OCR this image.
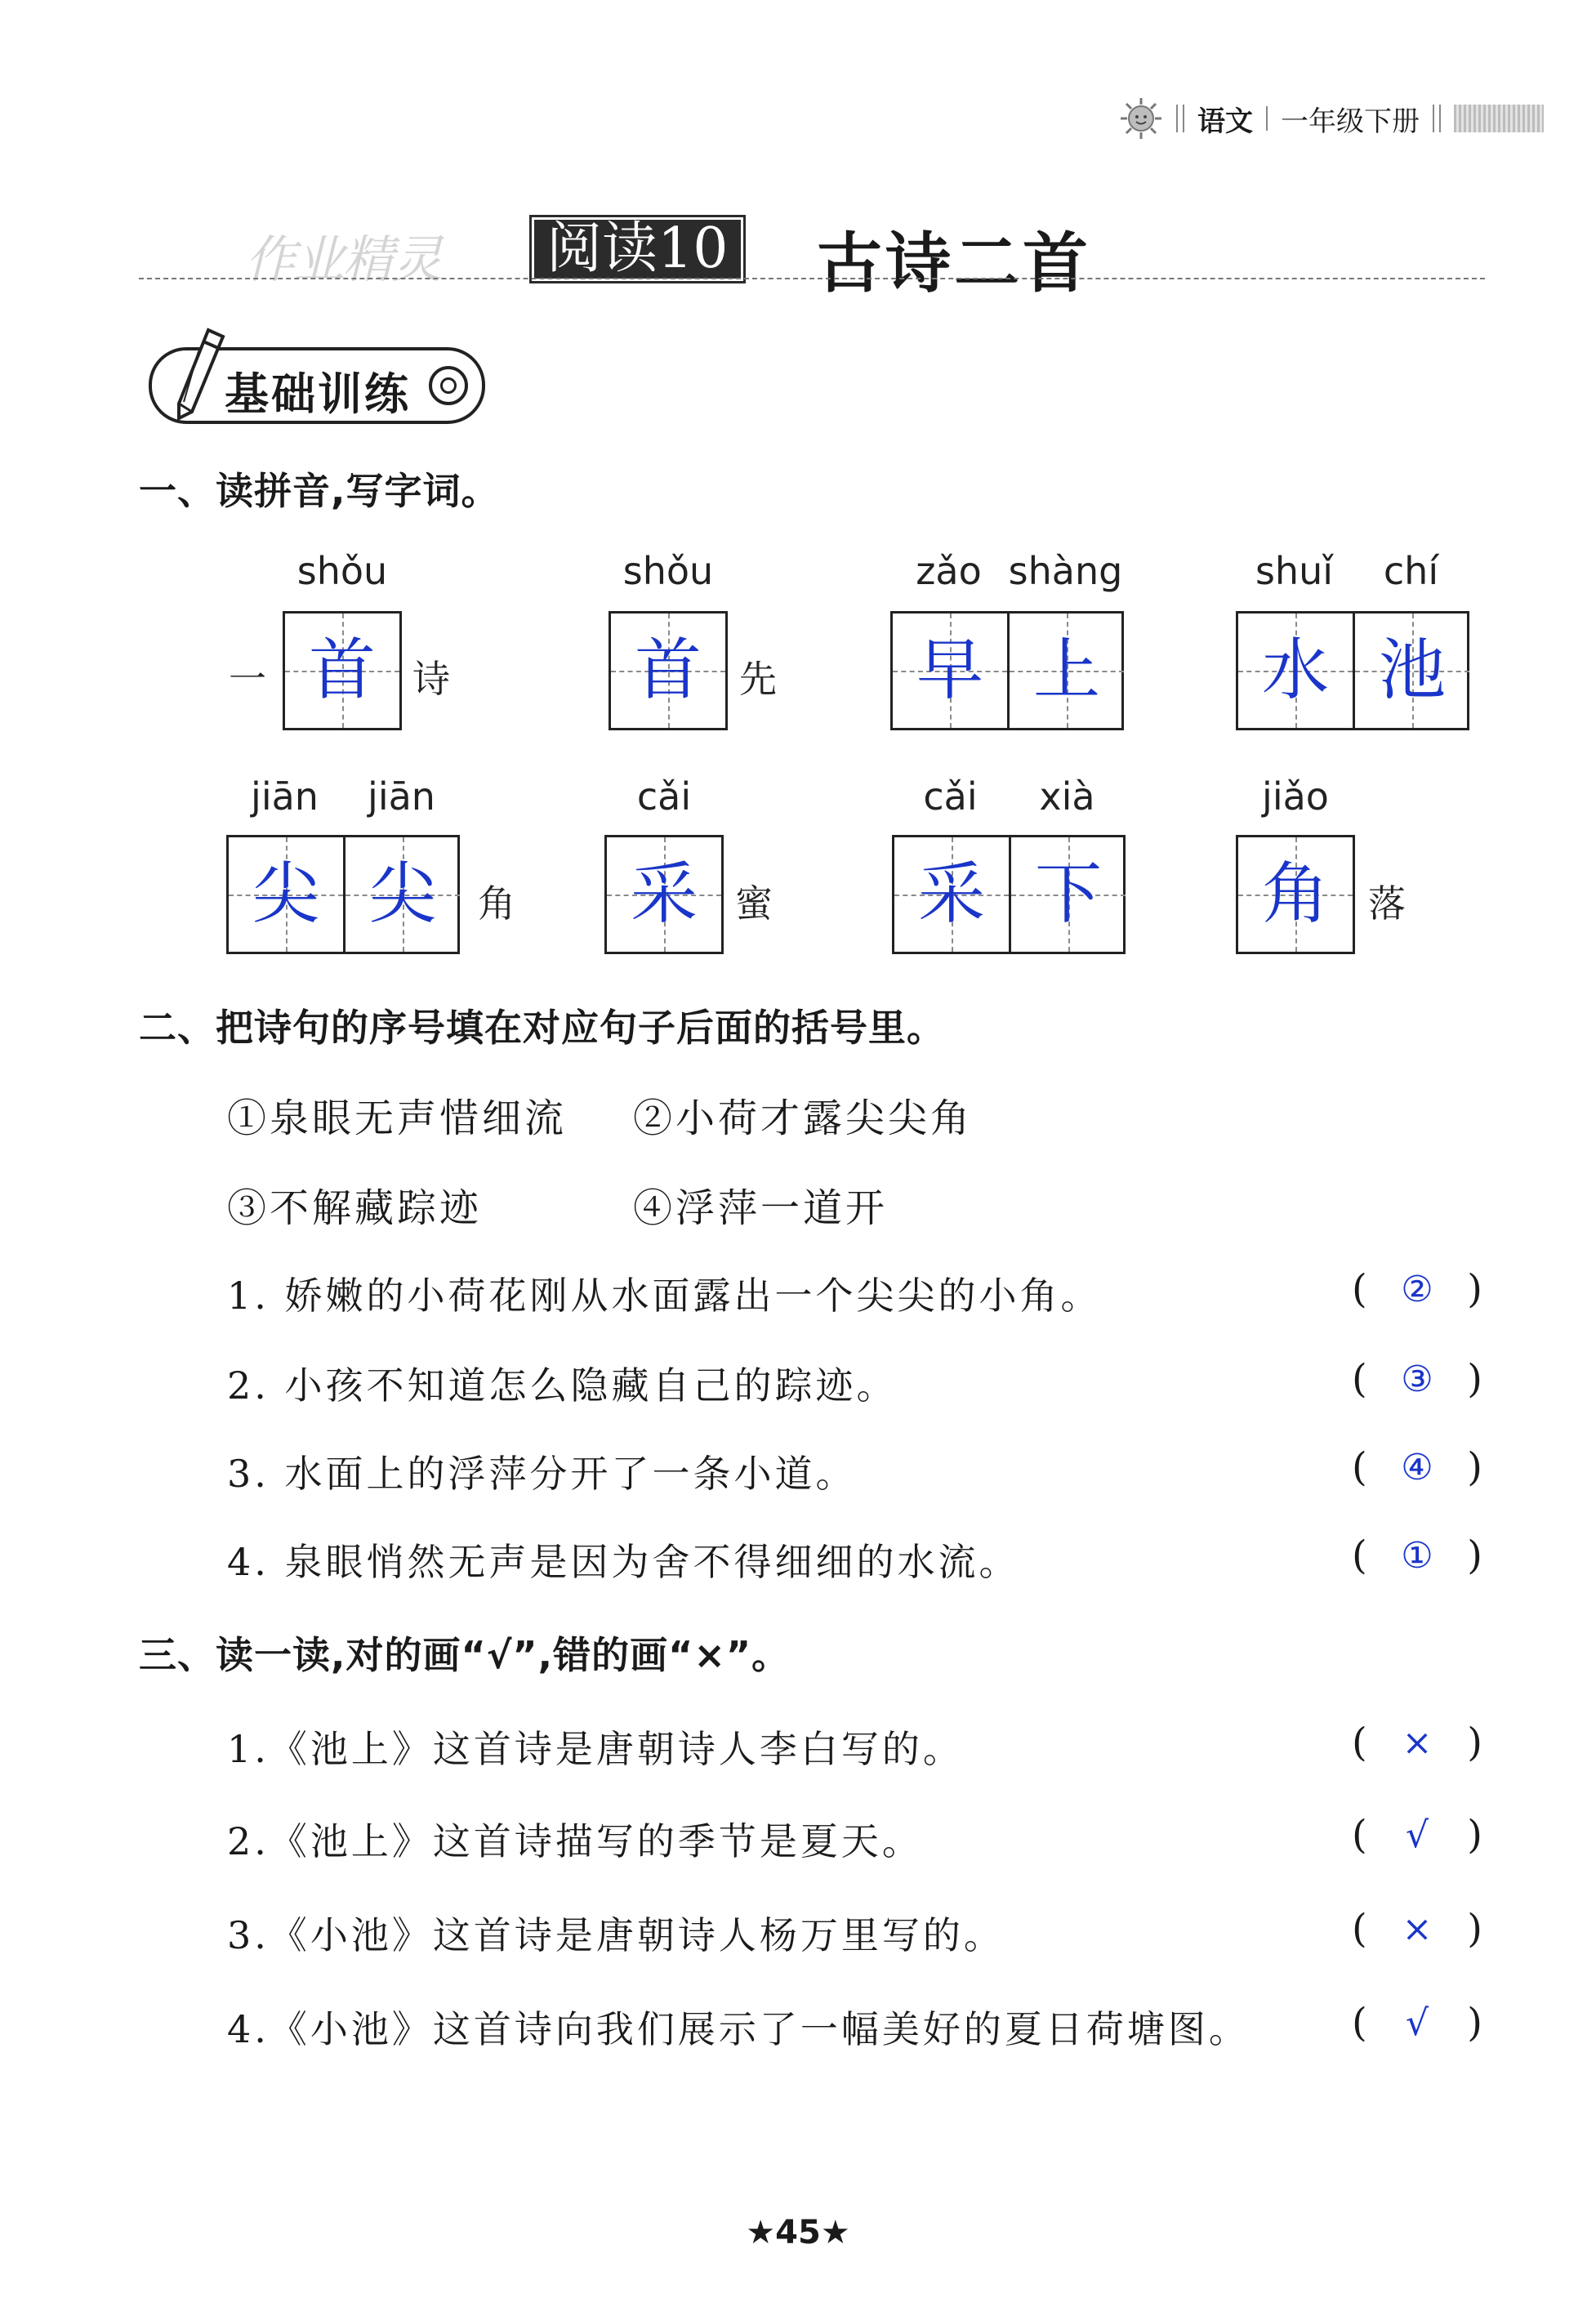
语文 一年级下册
作业精灵	阅读10 古诗二首
基础训练
一、读拼音,写字词。
一
shǒu
首 诗
shǒu
首	先
zǎo shàng
早 上
shuǐ	chí
水 池
jiān	jiān
尖 尖	角
cǎi
采	蜜
cǎi	xià
采 下
jiǎo
角	落
二、把诗句的序号填在对应句子后面的括号里。
①泉眼无声惜细流 ②小荷才露尖尖角
③不解藏踪迹	④浮萍一道开
1. 娇嫩的小荷花刚从水面露出一个尖尖的小角。	( ② )
2. 小孩不知道怎么隐藏自己的踪迹。	( ③ )
3. 水面上的浮萍分开了一条小道。	( ④ )
4. 泉眼悄然无声是因为舍不得细细的水流。	( ① )
三、读一读,对的画“√”,错的画“×”。
1.《池上》这首诗是唐朝诗人李白写的。	( × )
2.《池上》这首诗描写的季节是夏天。	( √ )
3.《小池》这首诗是唐朝诗人杨万里写的。	( × )
4.《小池》这首诗向我们展示了一幅美好的夏日荷塘图。	( √ )
★45★
